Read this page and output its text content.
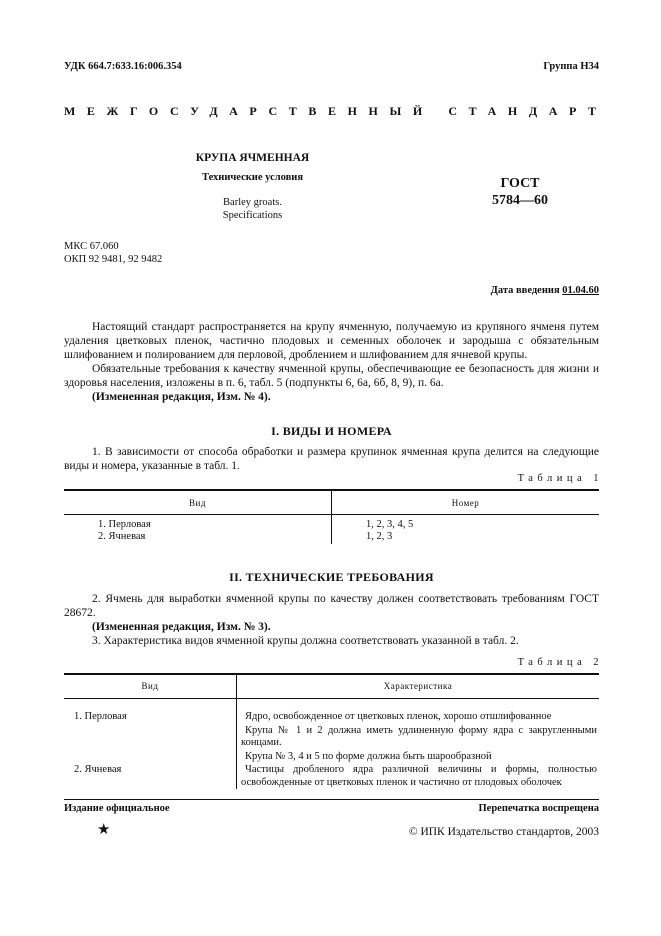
УДК 664.7:633.16:006.354	Группа Н34
МЕЖГОСУДАРСТВЕННЫЙ СТАНДАРТ
КРУПА ЯЧМЕННАЯ
Технические условия
Barley groats.
Specifications
ГОСТ
5784—60
МКС 67.060
ОКП 92 9481, 92 9482
Дата введения 01.04.60

Настоящий стандарт распространяется на крупу ячменную, получаемую из крупяного ячменя путем удаления цветковых пленок, частично плодовых и семенных оболочек и зародыша с обязательным шлифованием и полированием для перловой, дроблением и шлифованием для ячневой крупы.

Обязательные требования к качеству ячменной крупы, обеспечивающие ее безопасность для жизни и здоровья населения, изложены в п. 6, табл. 5 (подпункты 6, 6а, 6б, 8, 9), п. 6а.

(Измененная редакция, Изм. № 4).

I. ВИДЫ И НОМЕРА

1. В зависимости от способа обработки и размера крупинок ячменная крупа делится на следующие виды и номера, указанные в табл. 1.

Таблица 1
Вид	Номер
1. Перловая	1, 2, 3, 4, 5
2. Ячневая	1, 2, 3
II. ТЕХНИЧЕСКИЕ ТРЕБОВАНИЯ

2. Ячмень для выработки ячменной крупы по качеству должен соответствовать требованиям ГОСТ 28672.

(Измененная редакция, Изм. № 3).

3. Характеристика видов ячменной крупы должна соответствовать указанной в табл. 2.

Таблица 2
Вид	Характеристика
1. Перловая	Ядро, освобожденное от цветковых пленок, хорошо отшлифованное
Крупа № 1 и 2 должна иметь удлиненную форму ядра с закругленными концами.
Крупа № 3, 4 и 5 по форме должна быть шарообразной
2. Ячневая	Частицы дробленого ядра различной величины и формы, полностью освобожденные от цветковых пленок и частично от плодовых оболочек
Издание официальное	Перепечатка воспрещена
★	© ИПК Издательство стандартов, 2003
